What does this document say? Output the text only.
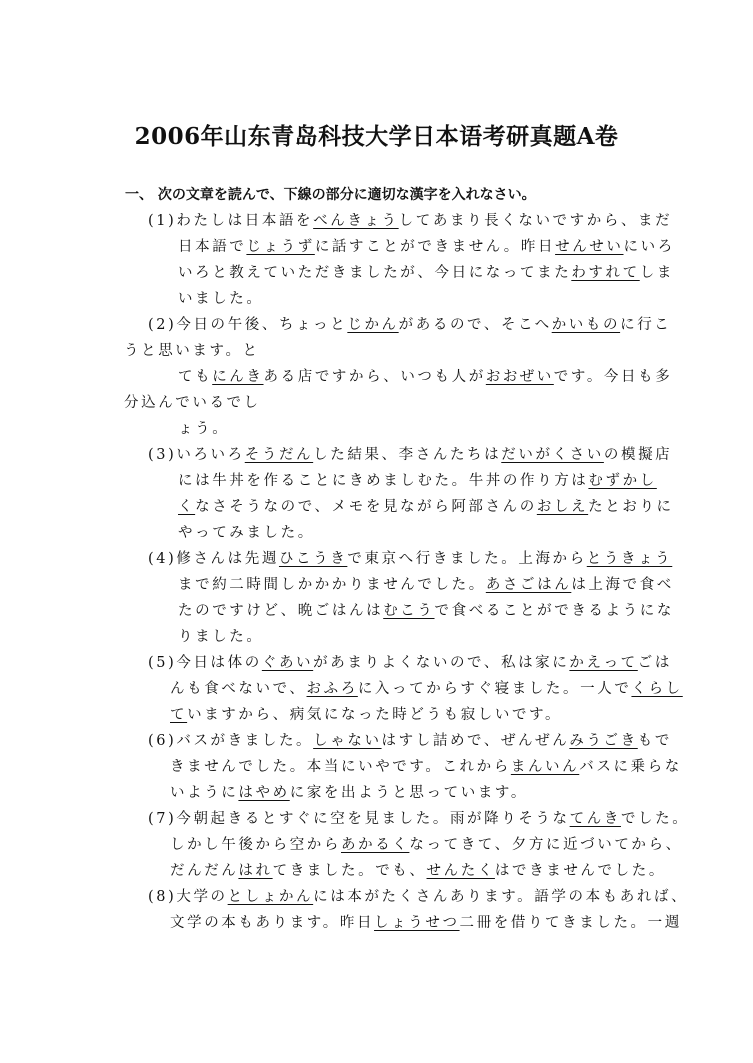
2006年山东青岛科技大学日本语考研真题A卷
一、 次の文章を読んで、下線の部分に適切な漢字を入れなさい。
(1)わたしは日本語をべんきょうしてあまり長くないですから、まだ
日本語でじょうずに話すことができません。昨日せんせいにいろ
いろと教えていただきましたが、今日になってまたわすれてしま
いました。
(2)今日の午後、ちょっとじかんがあるので、そこへかいものに行こ
うと思います。と
てもにんきある店ですから、いつも人がおおぜいです。今日も多
分込んでいるでし
ょう。
(3)いろいろそうだんした結果、李さんたちはだいがくさいの模擬店
には牛丼を作ることにきめましむた。牛丼の作り方はむずかし
くなさそうなので、メモを見ながら阿部さんのおしえたとおりに
やってみました。
(4)修さんは先週ひこうきで東京へ行きました。上海からとうきょう
まで約二時間しかかかりませんでした。あさごはんは上海で食べ
たのですけど、晩ごはんはむこうで食べることができるようにな
りました。
(5)今日は体のぐあいがあまりよくないので、私は家にかえってごは
んも食べないで、おふろに入ってからすぐ寝ました。一人でくらし
ていますから、病気になった時どうも寂しいです。
(6)バスがきました。しゃないはすし詰めで、ぜんぜんみうごきもで
きませんでした。本当にいやです。これからまんいんバスに乗らな
いようにはやめに家を出ようと思っています。
(7)今朝起きるとすぐに空を見ました。雨が降りそうなてんきでした。
しかし午後から空からあかるくなってきて、夕方に近づいてから、
だんだんはれてきました。でも、せんたくはできませんでした。
(8)大学のとしょかんには本がたくさんあります。語学の本もあれば、
文学の本もあります。昨日しょうせつ二冊を借りてきました。一週
